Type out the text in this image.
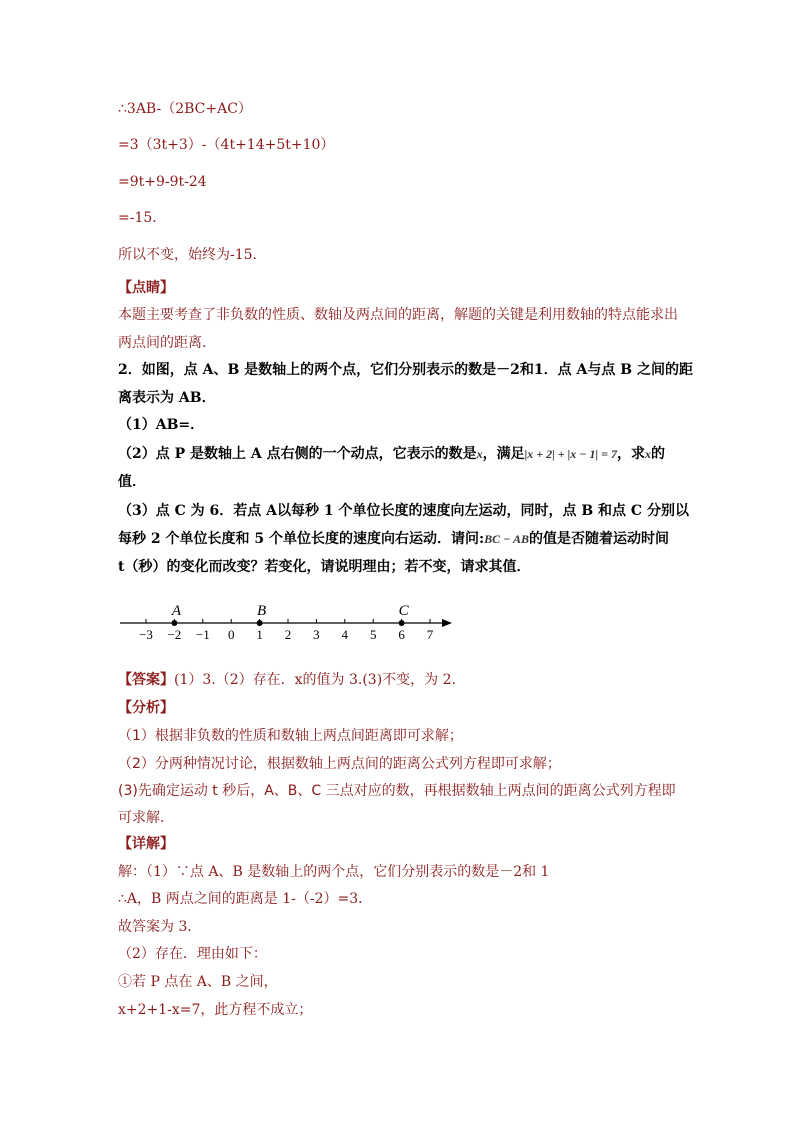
∴3AB-（2BC+AC）
=3（3t+3）-（4t+14+5t+10）
=9t+9-9t-24
=-15．
所以不变，始终为-15．
【点睛】
本题主要考查了非负数的性质、数轴及两点间的距离，解题的关键是利用数轴的特点能求出
两点间的距离．
2．如图，点 A、B 是数轴上的两个点，它们分别表示的数是－2和1．点 A与点 B 之间的距
离表示为 AB．
（1）AB=．
（2）点 P 是数轴上 A 点右侧的一个动点，它表示的数是x，满足|x + 2| + |x − 1| = 7，求x的
值．
（3）点 C 为 6．若点 A以每秒 1 个单位长度的速度向左运动，同时，点 B 和点 C 分别以
每秒 2 个单位长度和 5 个单位长度的速度向右运动．请问:BC − AB的值是否随着运动时间
t（秒）的变化而改变？若变化，请说明理由；若不变，请求其值．
−3 −2 −1 0 1 2 3 4 5 6 7
A	B	C
【答案】(1）3.（2）存在．x的值为 3.(3)不变，为 2.
【分析】
（1）根据非负数的性质和数轴上两点间距离即可求解；
（2）分两种情况讨论，根据数轴上两点间的距离公式列方程即可求解；
(3)先确定运动 t 秒后，A、B、C 三点对应的数，再根据数轴上两点间的距离公式列方程即
可求解．
【详解】
解：（1）∵点 A、B 是数轴上的两个点，它们分别表示的数是－2和 1
∴A，B 两点之间的距离是 1-（-2）=3．
故答案为 3．
（2）存在．理由如下：
①若 P 点在 A、B 之间，
x+2+1-x=7，此方程不成立；
